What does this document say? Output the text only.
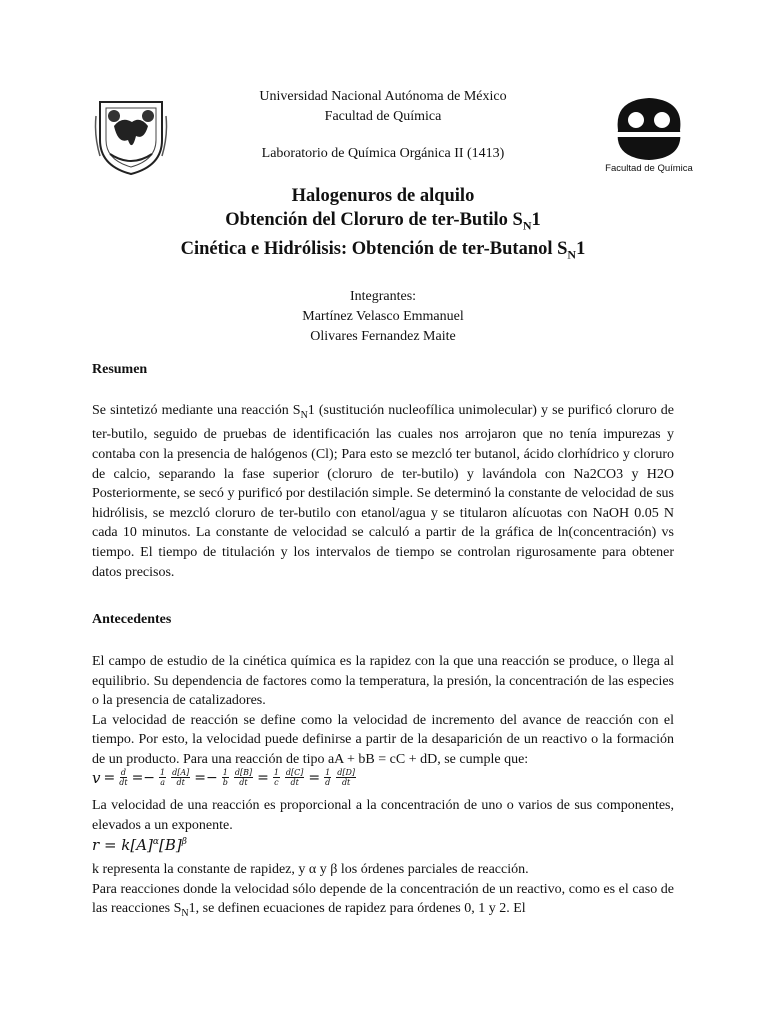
Facultad de Química
Universidad Nacional Autónoma de México
Facultad de Química
Laboratorio de Química Orgánica II (1413)
Halogenuros de alquilo
Obtención del Cloruro de ter-Butilo $S_N1$
Cinética e Hidrólisis: Obtención de ter-Butanol $S_N1$
Integrantes:
Martínez Velasco Emmanuel
Olivares Fernandez Maite
Resumen

Se sintetizó mediante una reacción $S_N1$ (sustitución nucleofílica unimolecular) y se purificó cloruro de ter-butilo, seguido de pruebas de identificación las cuales nos arrojaron que no tenía impurezas y contaba con la presencia de halógenos (Cl); Para esto se mezcló ter butanol, ácido clorhídrico y cloruro de calcio, separando la fase superior (cloruro de ter-butilo) y lavándola con Na2CO3 y H2O Posteriormente, se secó y purificó por destilación simple. Se determinó la constante de velocidad de sus hidrólisis, se mezcló cloruro de ter-butilo con etanol/agua y se titularon alícuotas con NaOH 0.05 N cada 10 minutos. La constante de velocidad se calculó a partir de la gráfica de ln(concentración) vs tiempo. El tiempo de titulación y los intervalos de tiempo se controlan rigurosamente para obtener datos precisos.

Antecedentes

El campo de estudio de la cinética química es la rapidez con la que una reacción se produce, o llega al equilibrio. Su dependencia de factores como la temperatura, la presión, la concentración de las especies o la presencia de catalizadores.

La velocidad de reacción se define como la velocidad de incremento del avance de reacción con el tiempo. Por esto, la velocidad puede definirse a partir de la desaparición de un reactivo o la formación de un producto. Para una reacción de tipo aA + bB = cC + dD, se cumple que:

$v = \frac{d}{dt} =- \frac{1}{a} \frac{d[A]}{dt} =- \frac{1}{b} \frac{d[B]}{dt} = \frac{1}{c} \frac{d[C]}{dt} = \frac{1}{d} \frac{d[D]}{dt}$
La velocidad de una reacción es proporcional a la concentración de uno o varios de sus componentes, elevados a un exponente.
$r = k[A]^\alpha[B]^\beta$

k representa la constante de rapidez, y α y β los órdenes parciales de reacción.

Para reacciones donde la velocidad sólo depende de la concentración de un reactivo, como es el caso de las reacciones $S_N1$, se definen ecuaciones de rapidez para órdenes 0, 1 y 2. El
